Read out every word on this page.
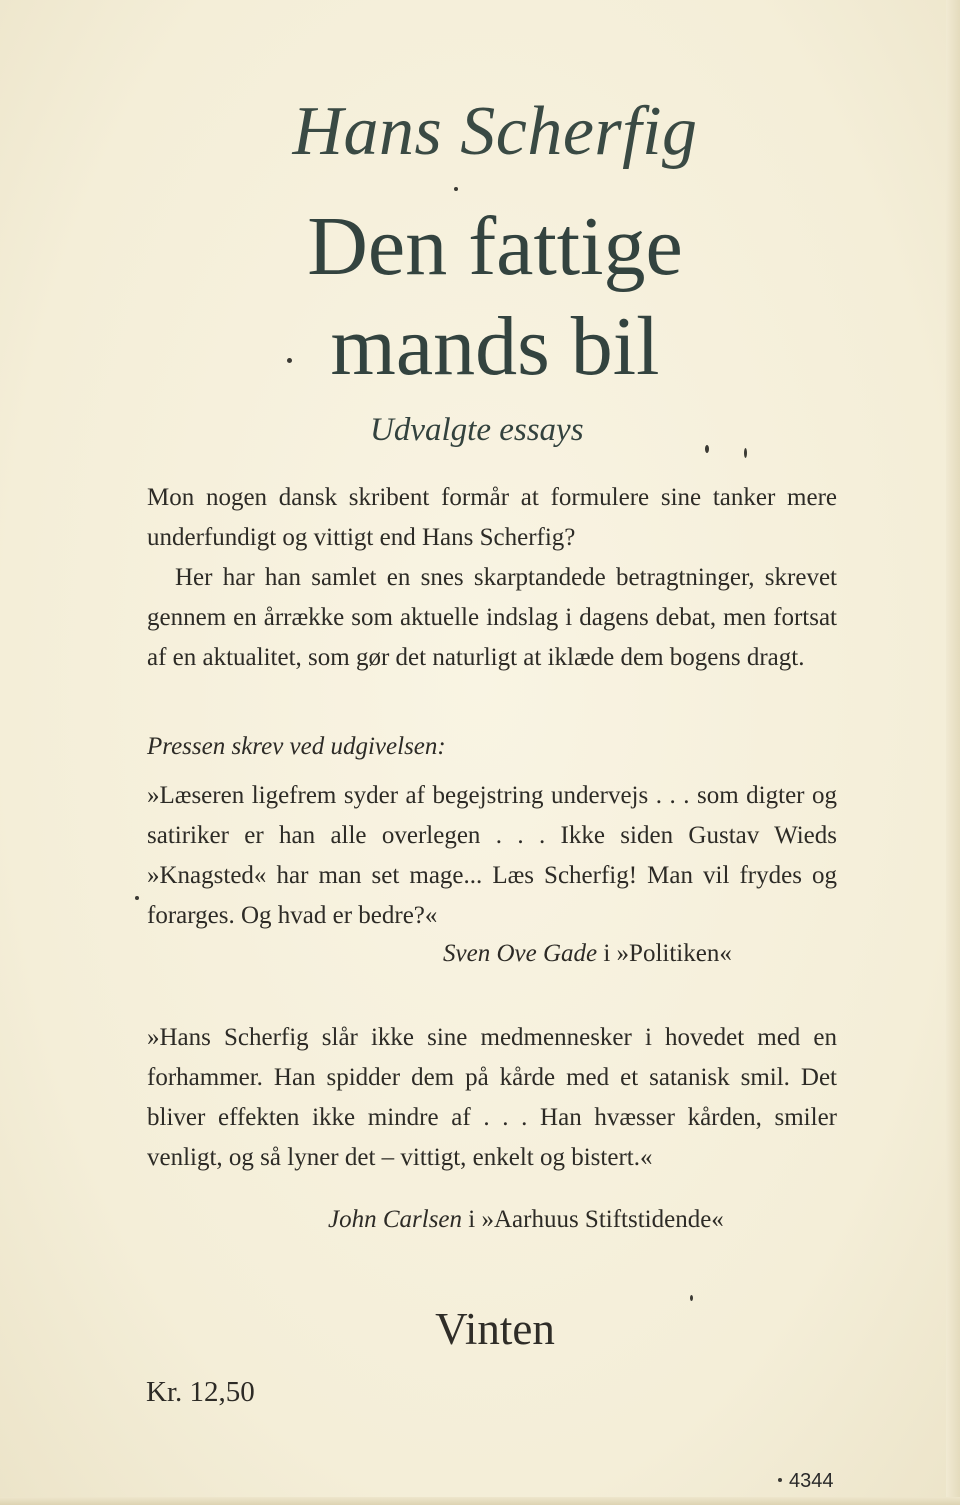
Hans Scherfig
Den fattige
mands bil
Udvalgte essays

Mon nogen dansk skribent formår at formulere sine tanker mere underfundigt og vittigt end Hans Scherfig?

Her har han samlet en snes skarptandede betragtninger, skrevet gennem en årrække som aktuelle indslag i dagens debat, men fortsat af en aktualitet, som gør det naturligt at iklæde dem bogens dragt.

Pressen skrev ved udgivelsen:

»Læseren ligefrem syder af begejstring undervejs . . . som digter og satiriker er han alle overlegen . . . Ikke siden Gustav Wieds »Knagsted« har man set mage... Læs Scherfig! Man vil frydes og forarges. Og hvad er bedre?«

Sven Ove Gade i »Politiken«

»Hans Scherfig slår ikke sine medmennesker i hovedet med en forhammer. Han spidder dem på kårde med et satanisk smil. Det bliver effekten ikke mindre af . . . Han hvæsser kården, smiler venligt, og så lyner det – vittigt, enkelt og bistert.«

John Carlsen i »Aarhuus Stiftstidende«
Vinten
Kr. 12,50
4344
